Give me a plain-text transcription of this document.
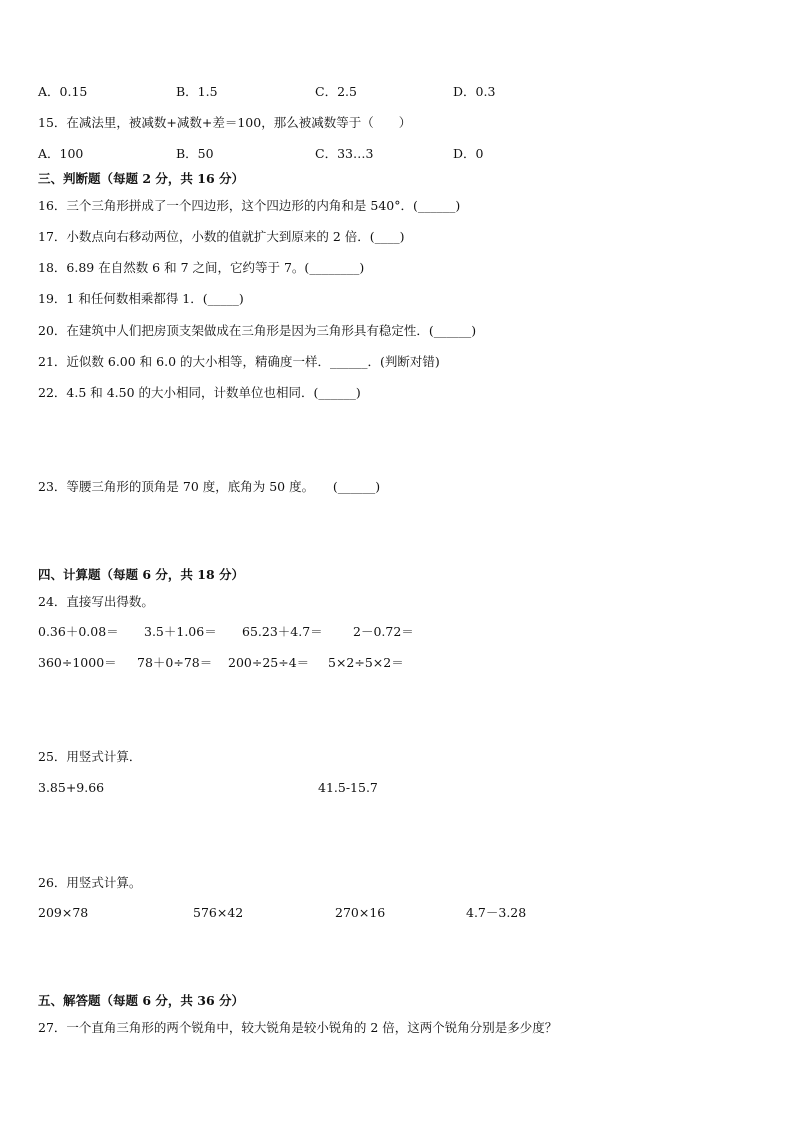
A．0.15	B．1.5	C．2.5	D．0.3
15．在减法里，被减数+减数+差＝100，那么被减数等于（　　）
A．100	B．50	C．33…3	D．0
三、判断题（每题 2 分，共 16 分）
16．三个三角形拼成了一个四边形，这个四边形的内角和是 540°．(______)
17．小数点向右移动两位，小数的值就扩大到原来的 2 倍．(____)
18．6.89 在自然数 6 和 7 之间，它约等于 7。(________)
19．1 和任何数相乘都得 1．(_____)
20．在建筑中人们把房顶支架做成在三角形是因为三角形具有稳定性．(______)
21．近似数 6.00 和 6.0 的大小相等，精确度一样．______．(判断对错)
22．4.5 和 4.50 的大小相同，计数单位也相同．(______)
23．等腰三角形的顶角是 70 度，底角为 50 度。　　(______)
四、计算题（每题 6 分，共 18 分）
24．直接写出得数。
0.36＋0.08＝ 3.5＋1.06＝ 65.23＋4.7＝ 2－0.72＝
360÷1000＝ 78＋0÷78＝ 200÷25÷4＝ 5×2÷5×2＝
25．用竖式计算．
3.85+9.66	41.5-15.7
26．用竖式计算。
209×78	576×42	270×16	4.7－3.28
五、解答题（每题 6 分，共 36 分）
27．一个直角三角形的两个锐角中，较大锐角是较小锐角的 2 倍，这两个锐角分别是多少度？
